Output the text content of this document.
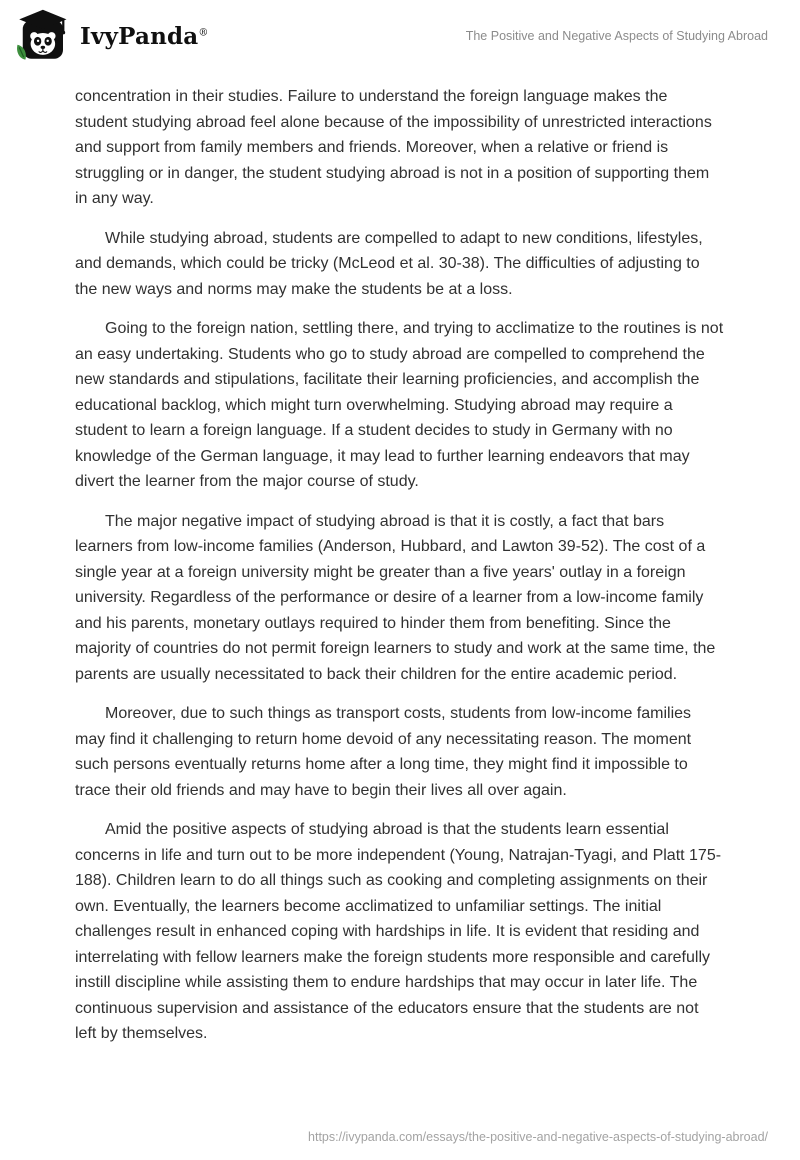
IvyPanda®	The Positive and Negative Aspects of Studying Abroad

concentration in their studies. Failure to understand the foreign language makes the student studying abroad feel alone because of the impossibility of unrestricted interactions and support from family members and friends. Moreover, when a relative or friend is struggling or in danger, the student studying abroad is not in a position of supporting them in any way.

While studying abroad, students are compelled to adapt to new conditions, lifestyles, and demands, which could be tricky (McLeod et al. 30-38). The difficulties of adjusting to the new ways and norms may make the students be at a loss.

Going to the foreign nation, settling there, and trying to acclimatize to the routines is not an easy undertaking. Students who go to study abroad are compelled to comprehend the new standards and stipulations, facilitate their learning proficiencies, and accomplish the educational backlog, which might turn overwhelming. Studying abroad may require a student to learn a foreign language. If a student decides to study in Germany with no knowledge of the German language, it may lead to further learning endeavors that may divert the learner from the major course of study.

The major negative impact of studying abroad is that it is costly, a fact that bars learners from low-income families (Anderson, Hubbard, and Lawton 39-52). The cost of a single year at a foreign university might be greater than a five years' outlay in a foreign university. Regardless of the performance or desire of a learner from a low-income family and his parents, monetary outlays required to hinder them from benefiting. Since the majority of countries do not permit foreign learners to study and work at the same time, the parents are usually necessitated to back their children for the entire academic period.

Moreover, due to such things as transport costs, students from low-income families may find it challenging to return home devoid of any necessitating reason. The moment such persons eventually returns home after a long time, they might find it impossible to trace their old friends and may have to begin their lives all over again.

Amid the positive aspects of studying abroad is that the students learn essential concerns in life and turn out to be more independent (Young, Natrajan-Tyagi, and Platt 175-188). Children learn to do all things such as cooking and completing assignments on their own. Eventually, the learners become acclimatized to unfamiliar settings. The initial challenges result in enhanced coping with hardships in life. It is evident that residing and interrelating with fellow learners make the foreign students more responsible and carefully instill discipline while assisting them to endure hardships that may occur in later life. The continuous supervision and assistance of the educators ensure that the students are not left by themselves.

https://ivypanda.com/essays/the-positive-and-negative-aspects-of-studying-abroad/
